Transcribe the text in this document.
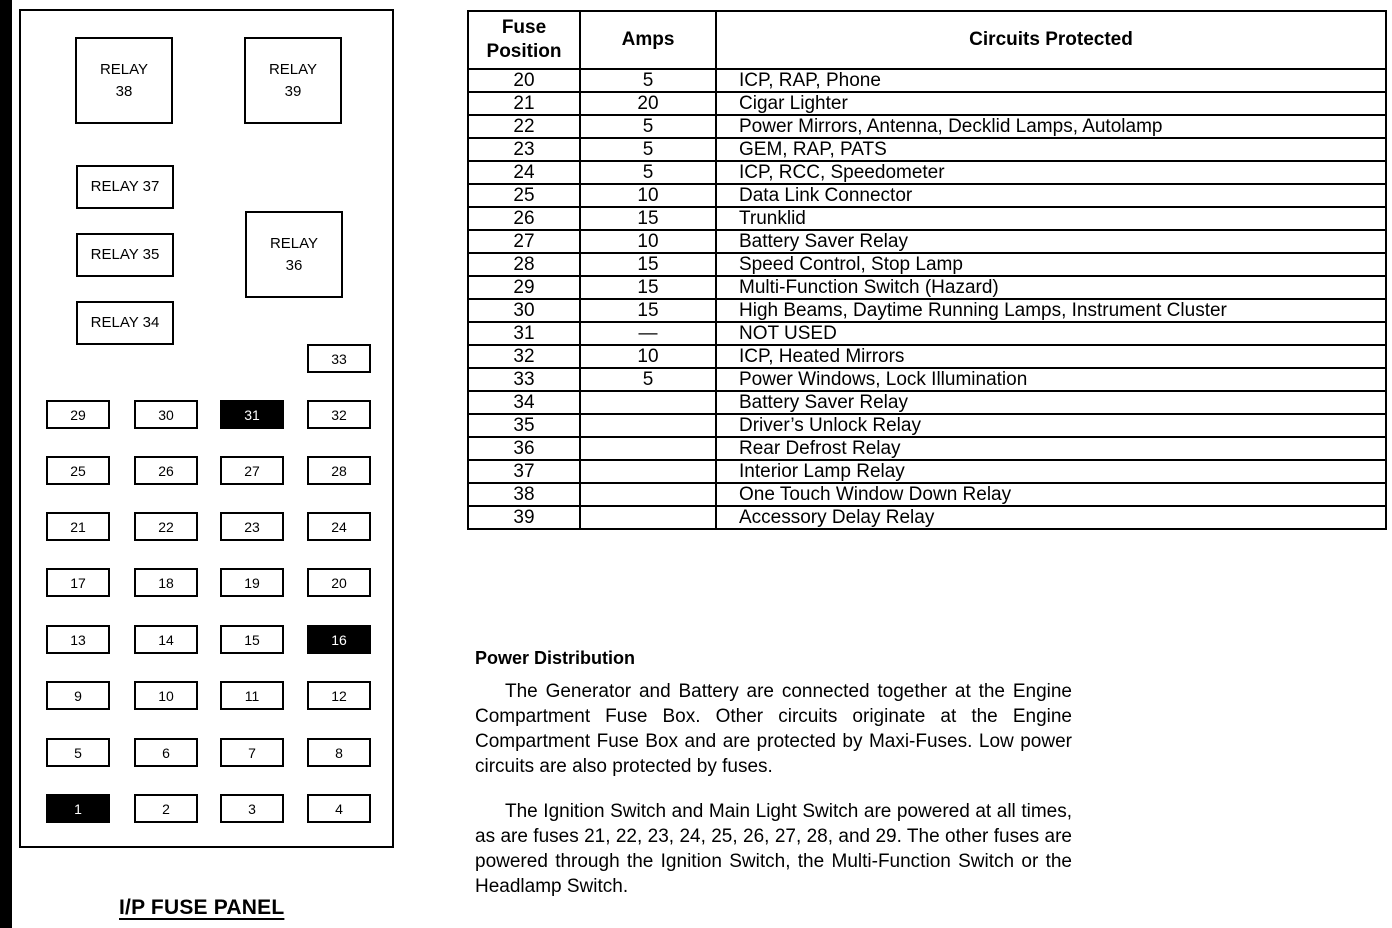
RELAY
38
RELAY
39
RELAY 37
RELAY 35
RELAY
36
RELAY 34
33
29	30	31	32
25	26	27	28
21	22	23	24
17	18	19	20
13	14	15	16
9	10	11	12
5	6	7	8
1	2	3	4
I/P FUSE PANEL
Fuse
Position	Amps	Circuits Protected
20	5	ICP, RAP, Phone
21	20	Cigar Lighter
22	5	Power Mirrors, Antenna, Decklid Lamps, Autolamp
23	5	GEM, RAP, PATS
24	5	ICP, RCC, Speedometer
25	10	Data Link Connector
26	15	Trunklid
27	10	Battery Saver Relay
28	15	Speed Control, Stop Lamp
29	15	Multi-Function Switch (Hazard)
30	15	High Beams, Daytime Running Lamps, Instrument Cluster
31	—	NOT USED
32	10	ICP, Heated Mirrors
33	5	Power Windows, Lock Illumination
34		Battery Saver Relay
35		Driver’s Unlock Relay
36		Rear Defrost Relay
37		Interior Lamp Relay
38		One Touch Window Down Relay
39		Accessory Delay Relay
Power Distribution

The Generator and Battery are connected together at the Engine Compartment Fuse Box. Other circuits originate at the Engine Compartment Fuse Box and are protected by Maxi-Fuses. Low power circuits are also protected by fuses.

The Ignition Switch and Main Light Switch are powered at all times, as are fuses 21, 22, 23, 24, 25, 26, 27, 28, and 29. The other fuses are powered through the Ignition Switch, the Multi-Function Switch or the Headlamp Switch.
